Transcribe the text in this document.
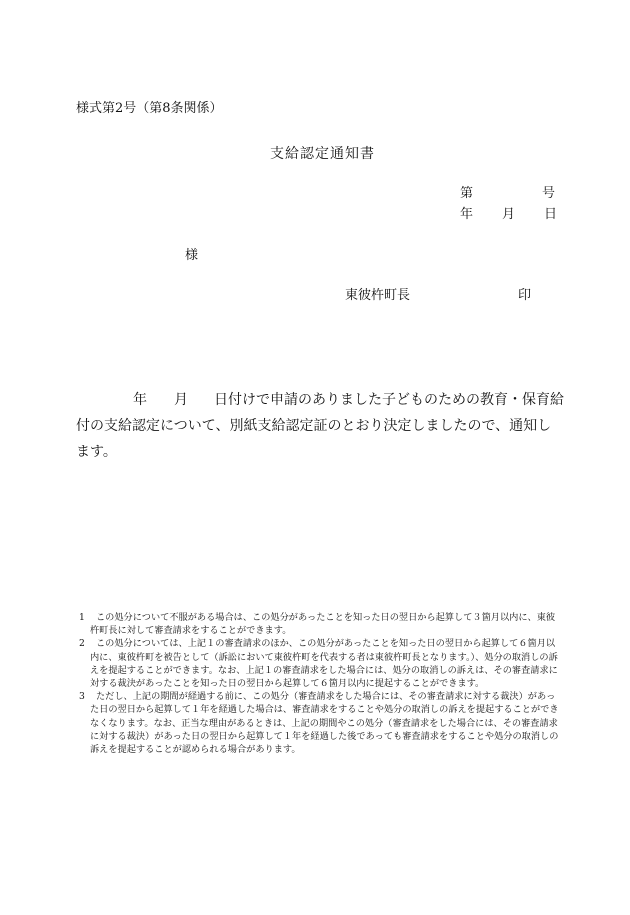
様式第2号（第8条関係）
支給認定通知書
第	号
年 月 日
様
東彼杵町長	印
年 月 日付けで申請のありました子どものための教育・保育給
付の支給認定について、別紙支給認定証のとおり決定しましたので、通知し
ます。
1	この処分について不服がある場合は、この処分があったことを知った日の翌日から起算して３箇月以内に、東彼杵町長に対して審査請求をすることができます。
2	この処分については、上記１の審査請求のほか、この処分があったことを知った日の翌日から起算して６箇月以内に、東彼杵町を被告として（訴訟において東彼杵町を代表する者は東彼杵町長となります。）、処分の取消しの訴えを提起することができます。なお、上記１の審査請求をした場合には、処分の取消しの訴えは、その審査請求に対する裁決があったことを知った日の翌日から起算して６箇月以内に提起することができます。
3	ただし、上記の期間が経過する前に、この処分（審査請求をした場合には、その審査請求に対する裁決）があった日の翌日から起算して１年を経過した場合は、審査請求をすることや処分の取消しの訴えを提起することができなくなります。なお、正当な理由があるときは、上記の期間やこの処分（審査請求をした場合には、その審査請求に対する裁決）があった日の翌日から起算して１年を経過した後であっても審査請求をすることや処分の取消しの訴えを提起することが認められる場合があります。
